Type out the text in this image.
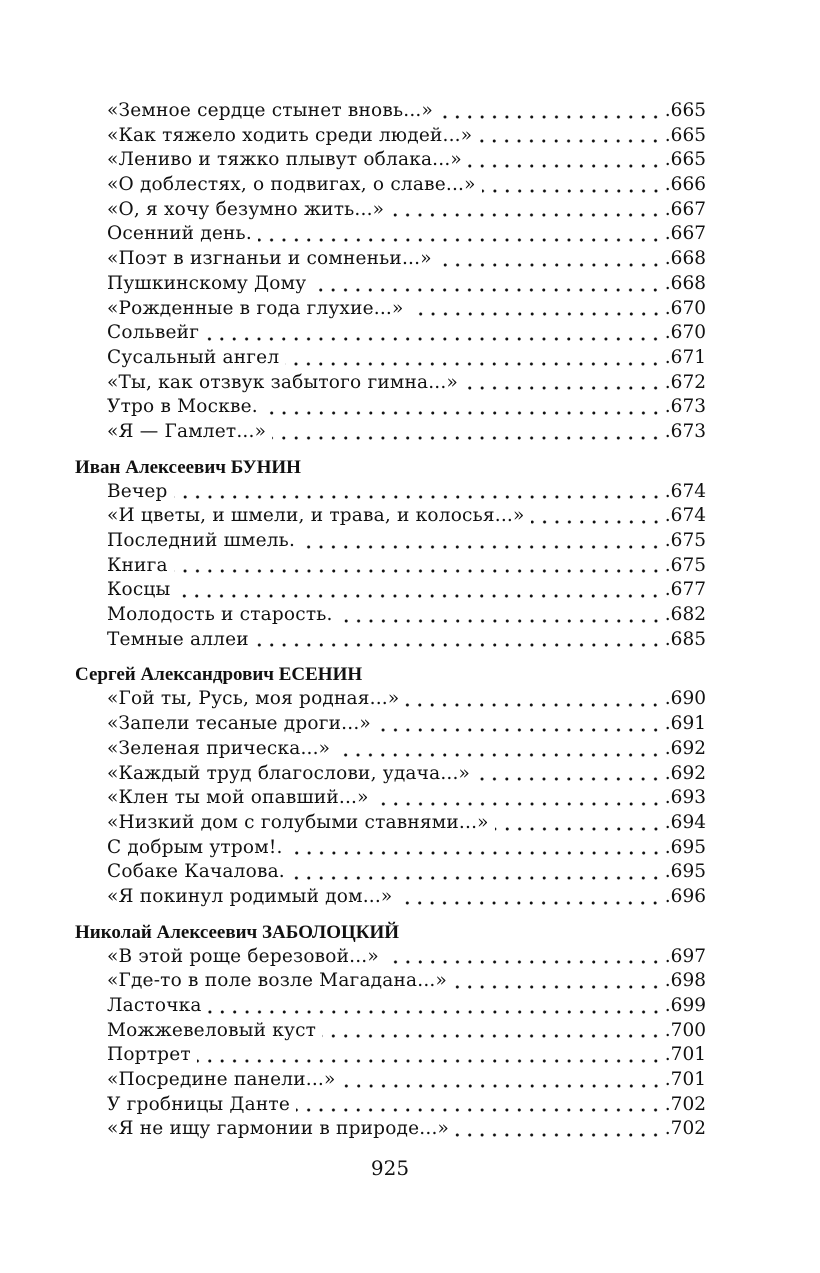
«Земное сердце стынет вновь...»	.665
«Как тяжело ходить среди людей...»	.665
«Лениво и тяжко плывут облака...»	.665
«О доблестях, о подвигах, о славе...»	.666
«О, я хочу безумно жить...»	.667
Осенний день.	.667
«Поэт в изгнаньи и сомненьи...»	.668
Пушкинскому Дому	.668
«Рожденные в года глухие...»	.670
Сольвейг	.670
Сусальный ангел	.671
«Ты, как отзвук забытого гимна...»	.672
Утро в Москве.	.673
«Я — Гамлет...»	.673
Иван Алексеевич БУНИН
Вечер	.674
«И цветы, и шмели, и трава, и колосья...»	.674
Последний шмель.	.675
Книга	.675
Косцы	.677
Молодость и старость.	.682
Темные аллеи	.685
Сергей Александрович ЕСЕНИН
«Гой ты, Русь, моя родная...»	.690
«Запели тесаные дроги...»	.691
«Зеленая прическа...»	.692
«Каждый труд благослови, удача...»	.692
«Клен ты мой опавший...»	.693
«Низкий дом с голубыми ставнями...»	.694
С добрым утром!.	.695
Собаке Качалова.	.695
«Я покинул родимый дом...»	.696
Николай Алексеевич ЗАБОЛОЦКИЙ
«В этой роще березовой...»	.697
«Где-то в поле возле Магадана...»	.698
Ласточка	.699
Можжевеловый куст	.700
Портрет	.701
«Посредине панели...»	.701
У гробницы Данте	.702
«Я не ищу гармонии в природе...»	.702
925
